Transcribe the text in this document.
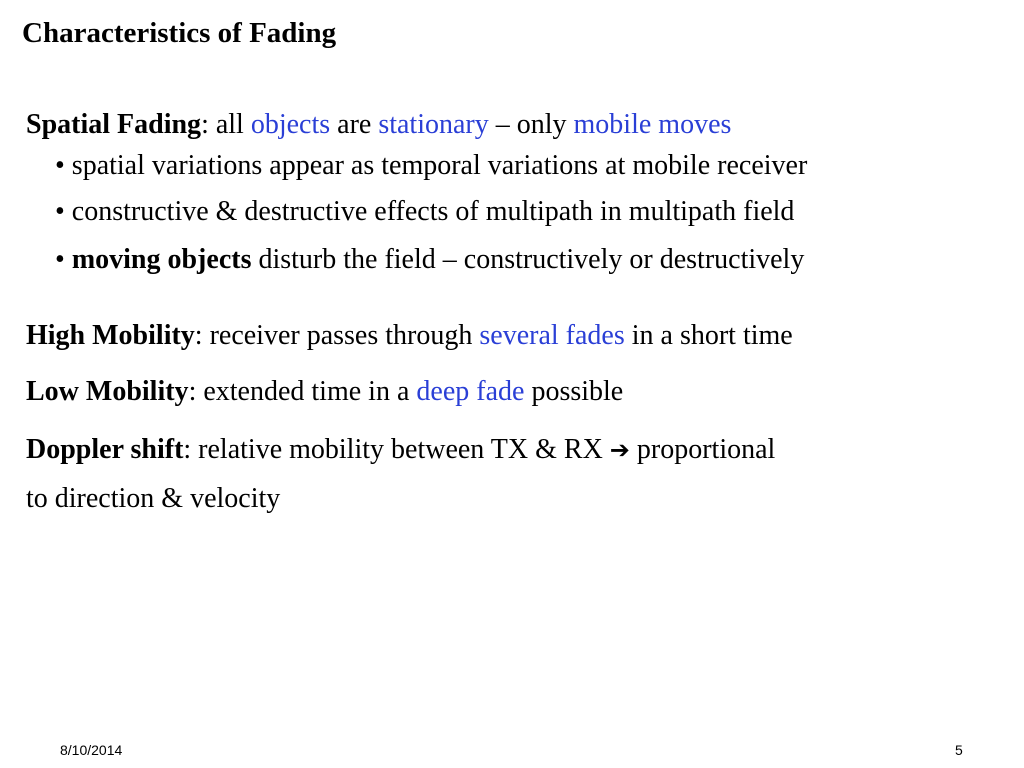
Characteristics of Fading
Spatial Fading: all objects are stationary – only mobile moves
• spatial variations appear as temporal variations at mobile receiver
• constructive & destructive effects of multipath in multipath field
• moving objects disturb the field – constructively or destructively
High Mobility: receiver passes through several fades in a short time
Low Mobility: extended time in a deep fade possible
Doppler shift: relative mobility between TX & RX ➔ proportional
to direction & velocity
8/10/2014	5
